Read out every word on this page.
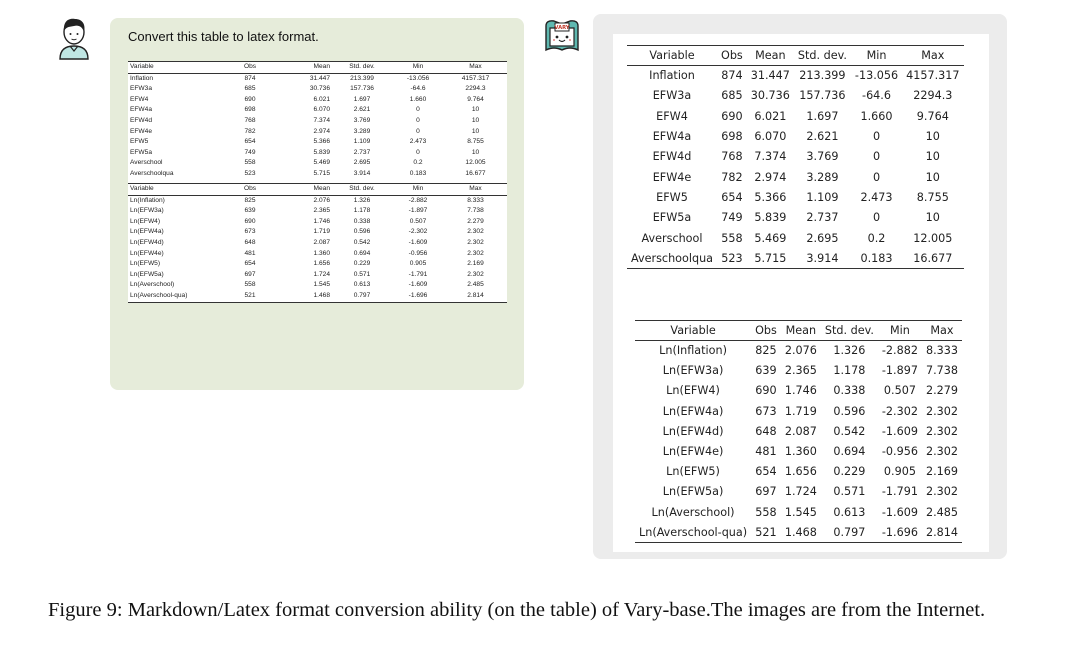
Convert this table to latex format.
Variable	Obs	Mean	Std. dev.	Min	Max
Inflation	874	31.447	213.399	-13.056	4157.317
EFW3a	685	30.736	157.736	-64.6	2294.3
EFW4	690	6.021	1.697	1.660	9.764
EFW4a	698	6.070	2.621	0	10
EFW4d	768	7.374	3.769	0	10
EFW4e	782	2.974	3.289	0	10
EFW5	654	5.366	1.109	2.473	8.755
EFW5a	749	5.839	2.737	0	10
Averschool	558	5.469	2.695	0.2	12.005
Averschoolqua	523	5.715	3.914	0.183	16.677

Variable	Obs	Mean	Std. dev.	Min	Max
Ln(Inflation)	825	2.076	1.326	-2.882	8.333
Ln(EFW3a)	639	2.365	1.178	-1.897	7.738
Ln(EFW4)	690	1.746	0.338	0.507	2.279
Ln(EFW4a)	673	1.719	0.596	-2.302	2.302
Ln(EFW4d)	648	2.087	0.542	-1.609	2.302
Ln(EFW4e)	481	1.360	0.694	-0.956	2.302
Ln(EFW5)	654	1.656	0.229	0.905	2.169
Ln(EFW5a)	697	1.724	0.571	-1.791	2.302
Ln(Averschool)	558	1.545	0.613	-1.609	2.485
Ln(Averschool-qua)	521	1.468	0.797	-1.696	2.814
VARY
Variable	Obs	Mean	Std. dev.	Min	Max
Inflation	874	31.447	213.399	-13.056	4157.317
EFW3a	685	30.736	157.736	-64.6	2294.3
EFW4	690	6.021	1.697	1.660	9.764
EFW4a	698	6.070	2.621	0	10
EFW4d	768	7.374	3.769	0	10
EFW4e	782	2.974	3.289	0	10
EFW5	654	5.366	1.109	2.473	8.755
EFW5a	749	5.839	2.737	0	10
Averschool	558	5.469	2.695	0.2	12.005
Averschoolqua	523	5.715	3.914	0.183	16.677
Variable	Obs	Mean	Std. dev.	Min	Max
Ln(Inflation)	825	2.076	1.326	-2.882	8.333
Ln(EFW3a)	639	2.365	1.178	-1.897	7.738
Ln(EFW4)	690	1.746	0.338	0.507	2.279
Ln(EFW4a)	673	1.719	0.596	-2.302	2.302
Ln(EFW4d)	648	2.087	0.542	-1.609	2.302
Ln(EFW4e)	481	1.360	0.694	-0.956	2.302
Ln(EFW5)	654	1.656	0.229	0.905	2.169
Ln(EFW5a)	697	1.724	0.571	-1.791	2.302
Ln(Averschool)	558	1.545	0.613	-1.609	2.485
Ln(Averschool-qua)	521	1.468	0.797	-1.696	2.814
Figure 9: Markdown/Latex format conversion ability (on the table) of Vary-base.The images are from the Internet.
